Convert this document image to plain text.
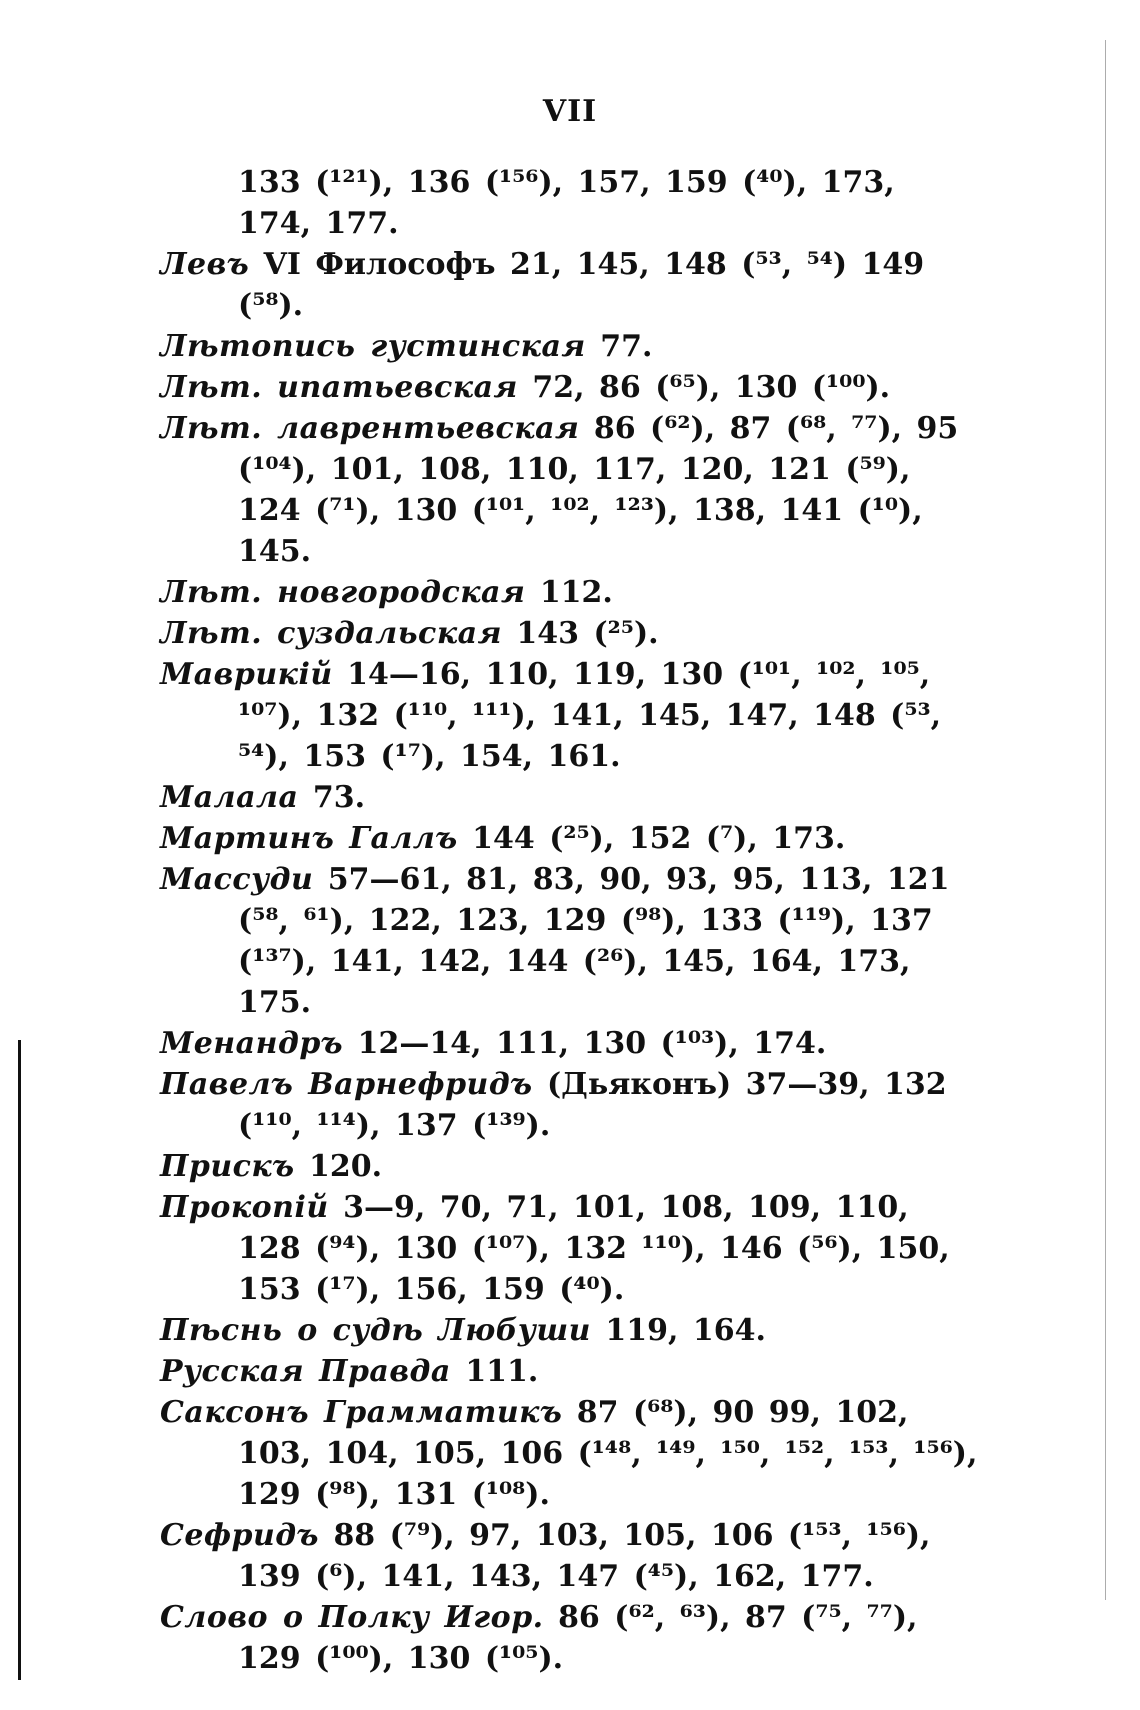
VII
133 (¹²¹), 136 (¹⁵⁶), 157, 159 (⁴⁰), 173, 174, 177.
Левъ VI Философъ 21, 145, 148 (⁵³, ⁵⁴) 149 (⁵⁸).
Лѣтопись густинская 77.
Лѣт. ипатьевская 72, 86 (⁶⁵), 130 (¹⁰⁰).
Лѣт. лаврентьевская 86 (⁶²), 87 (⁶⁸, ⁷⁷), 95 (¹⁰⁴), 101, 108, 110, 117, 120, 121 (⁵⁹), 124 (⁷¹), 130 (¹⁰¹, ¹⁰², ¹²³), 138, 141 (¹⁰), 145.
Лѣт. новгородская 112.
Лѣт. суздальская 143 (²⁵).
Маврикій 14—16, 110, 119, 130 (¹⁰¹, ¹⁰², ¹⁰⁵, ¹⁰⁷), 132 (¹¹⁰, ¹¹¹), 141, 145, 147, 148 (⁵³, ⁵⁴), 153 (¹⁷), 154, 161.
Малала 73.
Мартинъ Галлъ 144 (²⁵), 152 (⁷), 173.
Массуди 57—61, 81, 83, 90, 93, 95, 113, 121 (⁵⁸, ⁶¹), 122, 123, 129 (⁹⁸), 133 (¹¹⁹), 137 (¹³⁷), 141, 142, 144 (²⁶), 145, 164, 173, 175.
Менандръ 12—14, 111, 130 (¹⁰³), 174.
Павелъ Варнефридъ (Дьяконъ) 37—39, 132 (¹¹⁰, ¹¹⁴), 137 (¹³⁹).
Прискъ 120.
Прокопій 3—9, 70, 71, 101, 108, 109, 110, 128 (⁹⁴), 130 (¹⁰⁷), 132 ¹¹⁰), 146 (⁵⁶), 150, 153 (¹⁷), 156, 159 (⁴⁰).
Пѣснь о судѣ Любуши 119, 164.
Русская Правда 111.
Саксонъ Грамматикъ 87 (⁶⁸), 90 99, 102, 103, 104, 105, 106 (¹⁴⁸, ¹⁴⁹, ¹⁵⁰, ¹⁵², ¹⁵³, ¹⁵⁶), 129 (⁹⁸), 131 (¹⁰⁸).
Сефридъ 88 (⁷⁹), 97, 103, 105, 106 (¹⁵³, ¹⁵⁶), 139 (⁶), 141, 143, 147 (⁴⁵), 162, 177.
Слово о Полку Игор. 86 (⁶², ⁶³), 87 (⁷⁵, ⁷⁷), 129 (¹⁰⁰), 130 (¹⁰⁵).
